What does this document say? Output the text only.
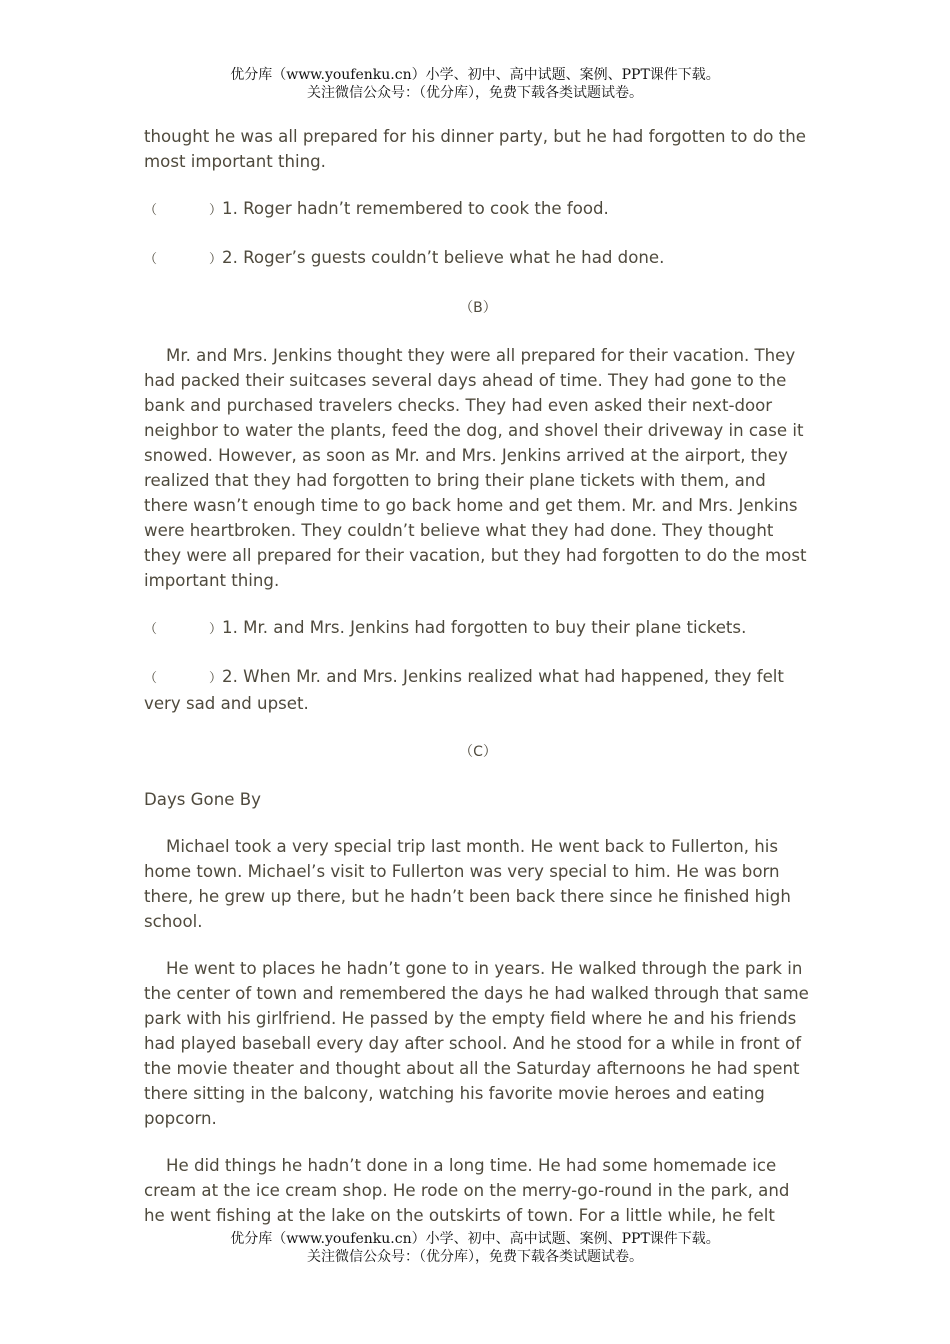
优分库（www.youfenku.cn）小学、初中、高中试题、案例、PPT课件下载。
关注微信公众号：（优分库），免费下载各类试题试卷。

thought he was all prepared for his dinner party, but he had forgotten to do the most important thing.

（	）1. Roger hadn’t remembered to cook the food.
（	）2. Roger’s guests couldn’t believe what he had done.
（B）

Mr. and Mrs. Jenkins thought they were all prepared for their vacation. They had packed their suitcases several days ahead of time. They had gone to the bank and purchased travelers checks. They had even asked their next-door neighbor to water the plants, feed the dog, and shovel their driveway in case it snowed. However, as soon as Mr. and Mrs. Jenkins arrived at the airport, they realized that they had forgotten to bring their plane tickets with them, and there wasn’t enough time to go back home and get them. Mr. and Mrs. Jenkins were heartbroken. They couldn’t believe what they had done. They thought they were all prepared for their vacation, but they had forgotten to do the most important thing.

（	）1. Mr. and Mrs. Jenkins had forgotten to buy their plane tickets.
（	）2. When Mr. and Mrs. Jenkins realized what had happened, they felt very sad and upset.
（C）

Days Gone By

Michael took a very special trip last month. He went back to Fullerton, his home town. Michael’s visit to Fullerton was very special to him. He was born there, he grew up there, but he hadn’t been back there since he finished high school.

He went to places he hadn’t gone to in years. He walked through the park in the center of town and remembered the days he had walked through that same park with his girlfriend. He passed by the empty field where he and his friends had played baseball every day after school. And he stood for a while in front of the movie theater and thought about all the Saturday afternoons he had spent there sitting in the balcony, watching his favorite movie heroes and eating popcorn.

He did things he hadn’t done in a long time. He had some homemade ice cream at the ice cream shop. He rode on the merry-go-round in the park, and he went fishing at the lake on the outskirts of town. For a little while, he felt

优分库（www.youfenku.cn）小学、初中、高中试题、案例、PPT课件下载。
关注微信公众号：（优分库），免费下载各类试题试卷。
